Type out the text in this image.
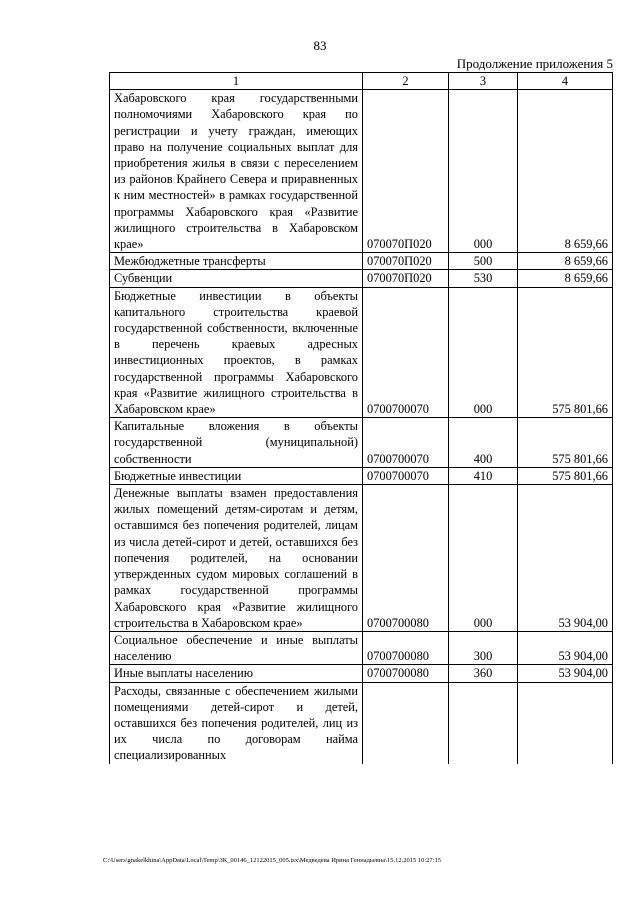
83
Продолжение приложения 5
1	2	3	4
Хабаровского края государственными полномочиями Хабаровского края по регистрации и учету граждан, имеющих право на получение социальных выплат для приобретения жилья в связи с переселением из районов Крайнего Севера и приравненных к ним местностей» в рамках государственной программы Хабаровского края «Развитие жилищного строительства в Хабаровском крае»	070070П020	000	8 659,66
Межбюджетные трансферты	070070П020	500	8 659,66
Субвенции	070070П020	530	8 659,66
Бюджетные инвестиции в объекты капитального строительства краевой государственной собственности, включенные в перечень краевых адресных инвестиционных проектов, в рамках государственной программы Хабаровского края «Развитие жилищного строительства в Хабаровском крае»	0700700070	000	575 801,66
Капитальные вложения в объекты государственной (муниципальной) собственности	0700700070	400	575 801,66
Бюджетные инвестиции	0700700070	410	575 801,66
Денежные выплаты взамен предоставления жилых помещений детям-сиротам и детям, оставшимся без попечения родителей, лицам из числа детей-сирот и детей, оставшихся без попечения родителей, на основании утвержденных судом мировых соглашений в рамках государственной программы Хабаровского края «Развитие жилищного строительства в Хабаровском крае»	0700700080	000	53 904,00
Социальное обеспечение и иные выплаты населению	0700700080	300	53 904,00
Иные выплаты населению	0700700080	360	53 904,00
Расходы, связанные с обеспечением жилыми помещениями детей-сирот и детей, оставшихся без попечения родителей, лиц из их числа по договорам найма специализированных			
C:\Users\gnakelkhina\AppData\Local\Temp\ЗК_00146_12122015_005.tsx\Медведева Ирина Геннадьевна\15.12.2015 10:27:15
